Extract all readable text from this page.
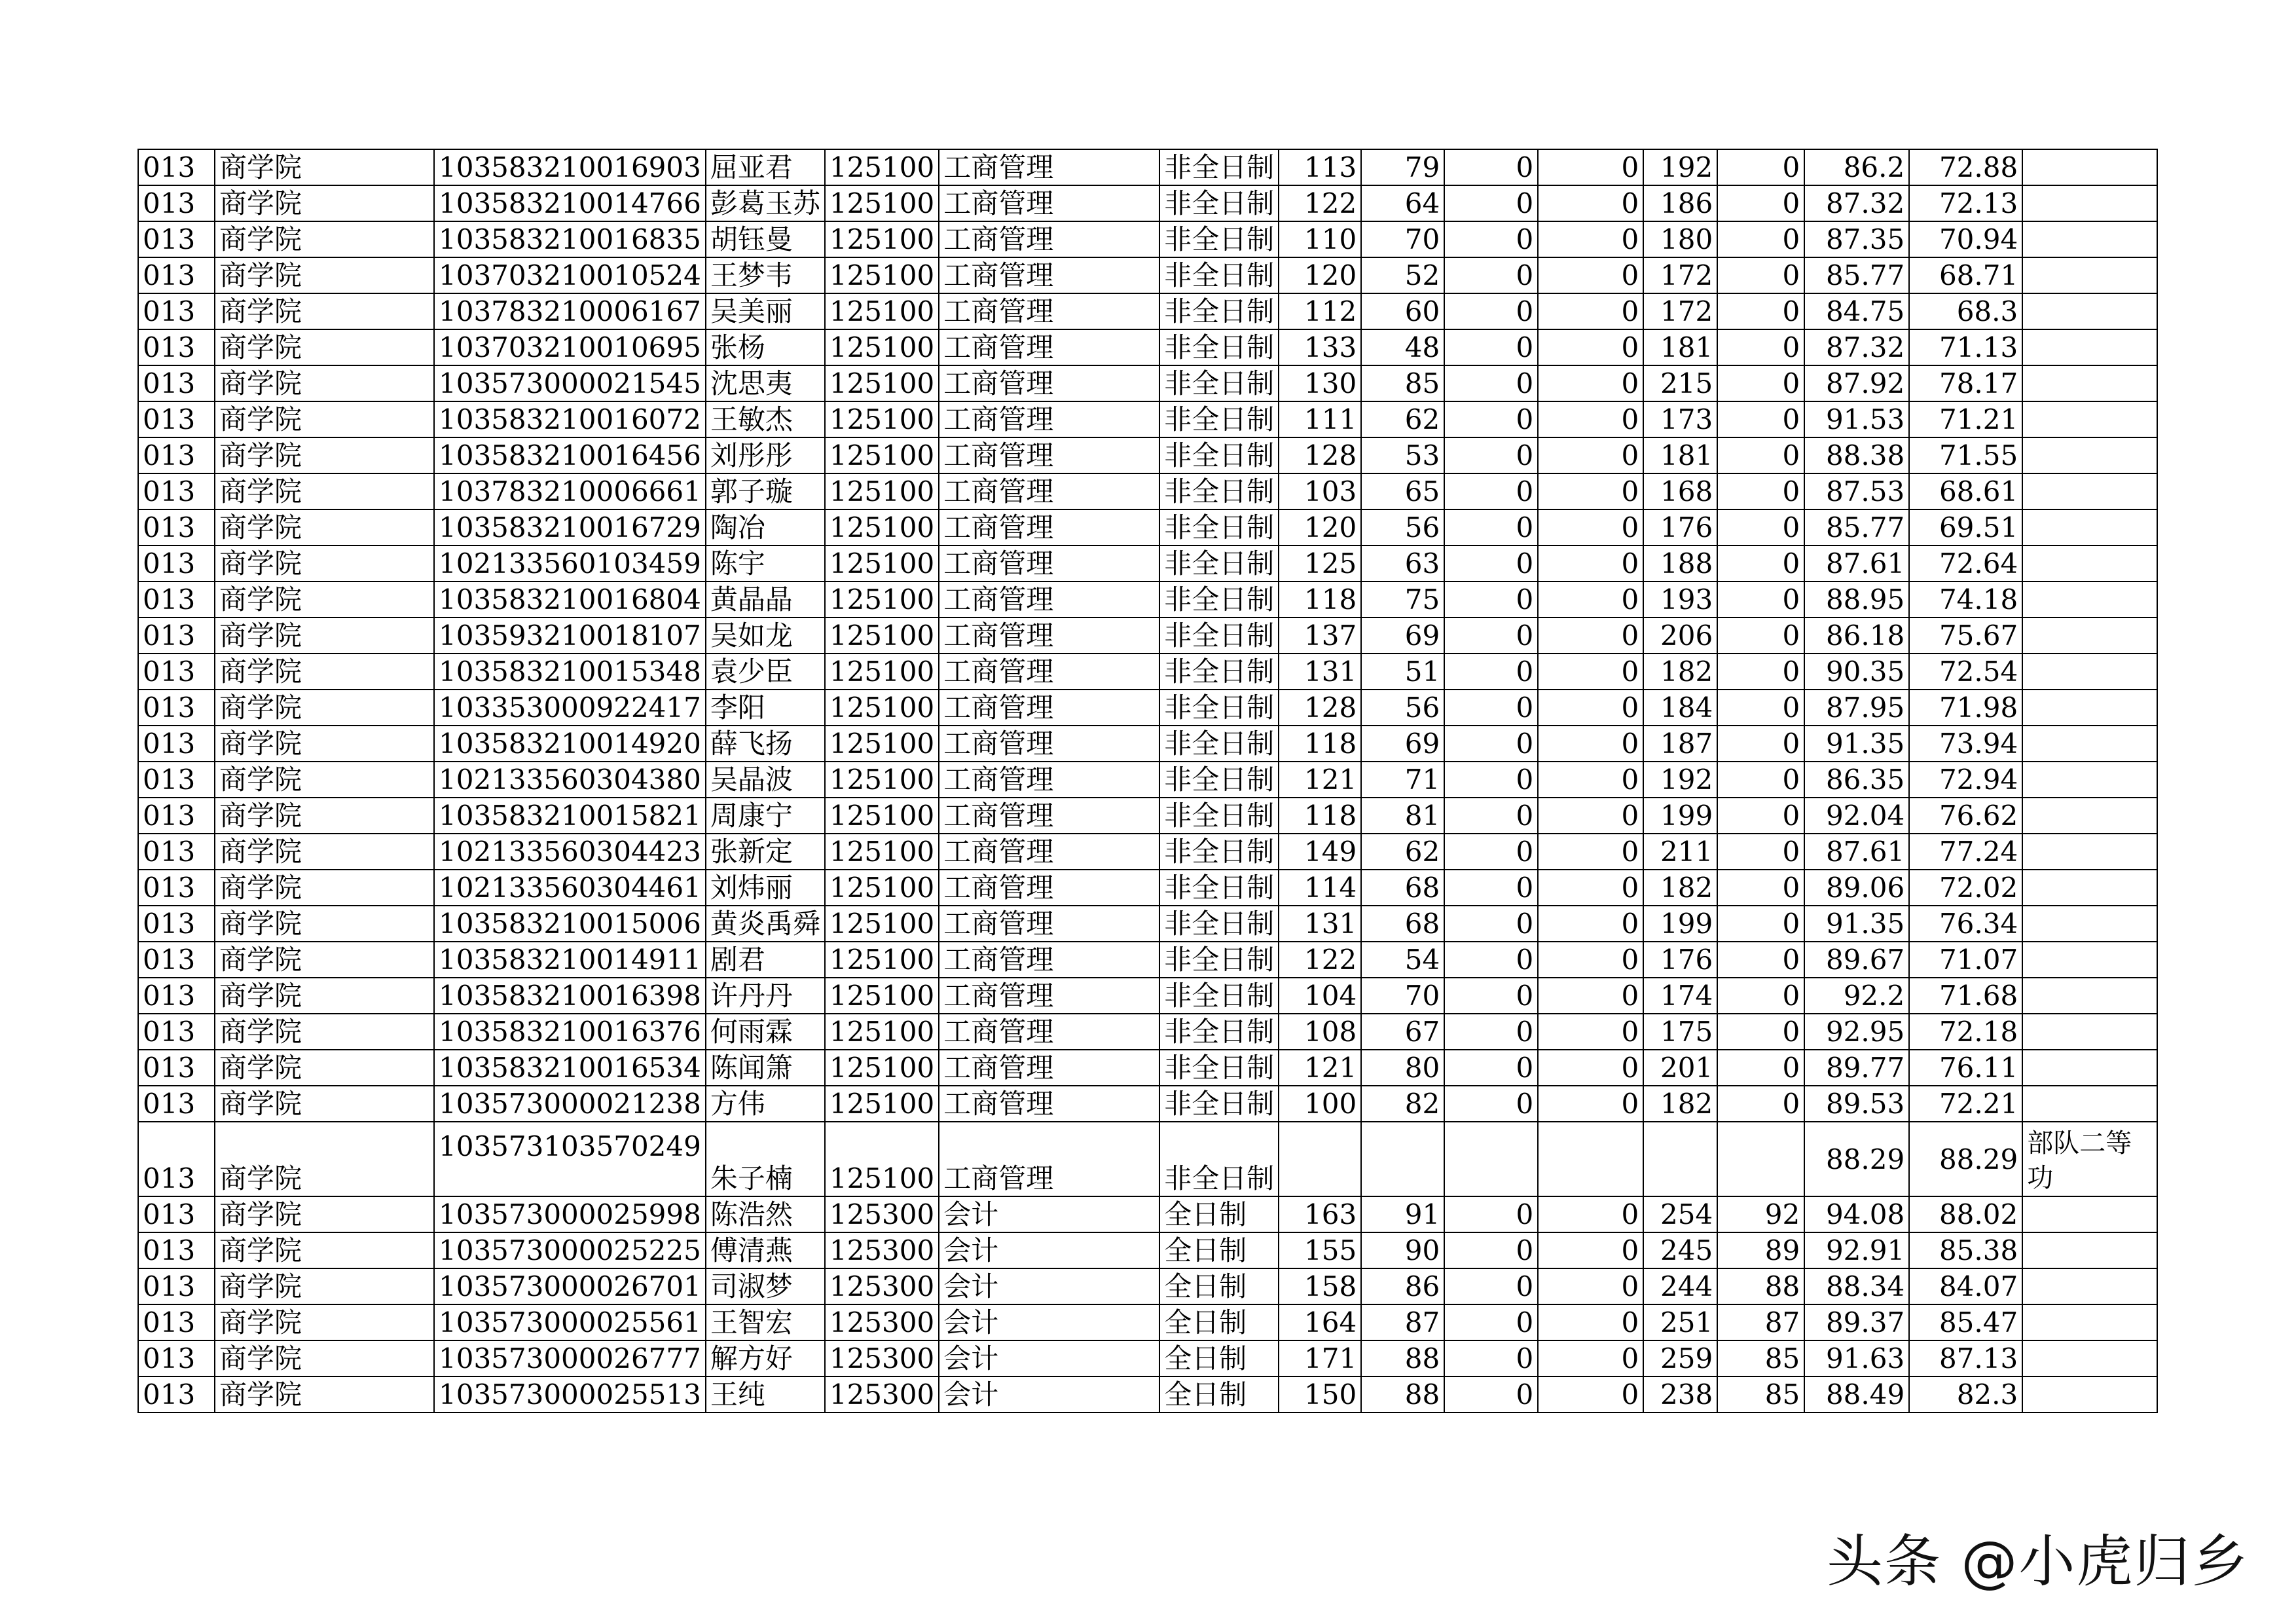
013	商学院	103583210016903	屈亚君	125100	工商管理	非全日制	113	79	0	0	192	0	86.2	72.88	
013	商学院	103583210014766	彭葛玉苏	125100	工商管理	非全日制	122	64	0	0	186	0	87.32	72.13	
013	商学院	103583210016835	胡钰曼	125100	工商管理	非全日制	110	70	0	0	180	0	87.35	70.94	
013	商学院	103703210010524	王梦韦	125100	工商管理	非全日制	120	52	0	0	172	0	85.77	68.71	
013	商学院	103783210006167	吴美丽	125100	工商管理	非全日制	112	60	0	0	172	0	84.75	68.3	
013	商学院	103703210010695	张杨	125100	工商管理	非全日制	133	48	0	0	181	0	87.32	71.13	
013	商学院	103573000021545	沈思夷	125100	工商管理	非全日制	130	85	0	0	215	0	87.92	78.17	
013	商学院	103583210016072	王敏杰	125100	工商管理	非全日制	111	62	0	0	173	0	91.53	71.21	
013	商学院	103583210016456	刘彤彤	125100	工商管理	非全日制	128	53	0	0	181	0	88.38	71.55	
013	商学院	103783210006661	郭子璇	125100	工商管理	非全日制	103	65	0	0	168	0	87.53	68.61	
013	商学院	103583210016729	陶冶	125100	工商管理	非全日制	120	56	0	0	176	0	85.77	69.51	
013	商学院	102133560103459	陈宇	125100	工商管理	非全日制	125	63	0	0	188	0	87.61	72.64	
013	商学院	103583210016804	黄晶晶	125100	工商管理	非全日制	118	75	0	0	193	0	88.95	74.18	
013	商学院	103593210018107	吴如龙	125100	工商管理	非全日制	137	69	0	0	206	0	86.18	75.67	
013	商学院	103583210015348	袁少臣	125100	工商管理	非全日制	131	51	0	0	182	0	90.35	72.54	
013	商学院	103353000922417	李阳	125100	工商管理	非全日制	128	56	0	0	184	0	87.95	71.98	
013	商学院	103583210014920	薛飞扬	125100	工商管理	非全日制	118	69	0	0	187	0	91.35	73.94	
013	商学院	102133560304380	吴晶波	125100	工商管理	非全日制	121	71	0	0	192	0	86.35	72.94	
013	商学院	103583210015821	周康宁	125100	工商管理	非全日制	118	81	0	0	199	0	92.04	76.62	
013	商学院	102133560304423	张新定	125100	工商管理	非全日制	149	62	0	0	211	0	87.61	77.24	
013	商学院	102133560304461	刘炜丽	125100	工商管理	非全日制	114	68	0	0	182	0	89.06	72.02	
013	商学院	103583210015006	黄炎禹舜	125100	工商管理	非全日制	131	68	0	0	199	0	91.35	76.34	
013	商学院	103583210014911	剧君	125100	工商管理	非全日制	122	54	0	0	176	0	89.67	71.07	
013	商学院	103583210016398	许丹丹	125100	工商管理	非全日制	104	70	0	0	174	0	92.2	71.68	
013	商学院	103583210016376	何雨霖	125100	工商管理	非全日制	108	67	0	0	175	0	92.95	72.18	
013	商学院	103583210016534	陈闻箫	125100	工商管理	非全日制	121	80	0	0	201	0	89.77	76.11	
013	商学院	103573000021238	方伟	125100	工商管理	非全日制	100	82	0	0	182	0	89.53	72.21	
013	商学院	103573103570249	朱子楠	125100	工商管理	非全日制							88.29	88.29	部队二等功
013	商学院	103573000025998	陈浩然	125300	会计	全日制	163	91	0	0	254	92	94.08	88.02	
013	商学院	103573000025225	傅清燕	125300	会计	全日制	155	90	0	0	245	89	92.91	85.38	
013	商学院	103573000026701	司淑梦	125300	会计	全日制	158	86	0	0	244	88	88.34	84.07	
013	商学院	103573000025561	王智宏	125300	会计	全日制	164	87	0	0	251	87	89.37	85.47	
013	商学院	103573000026777	解方好	125300	会计	全日制	171	88	0	0	259	85	91.63	87.13	
013	商学院	103573000025513	王纯	125300	会计	全日制	150	88	0	0	238	85	88.49	82.3	
头条 @小虎归乡
